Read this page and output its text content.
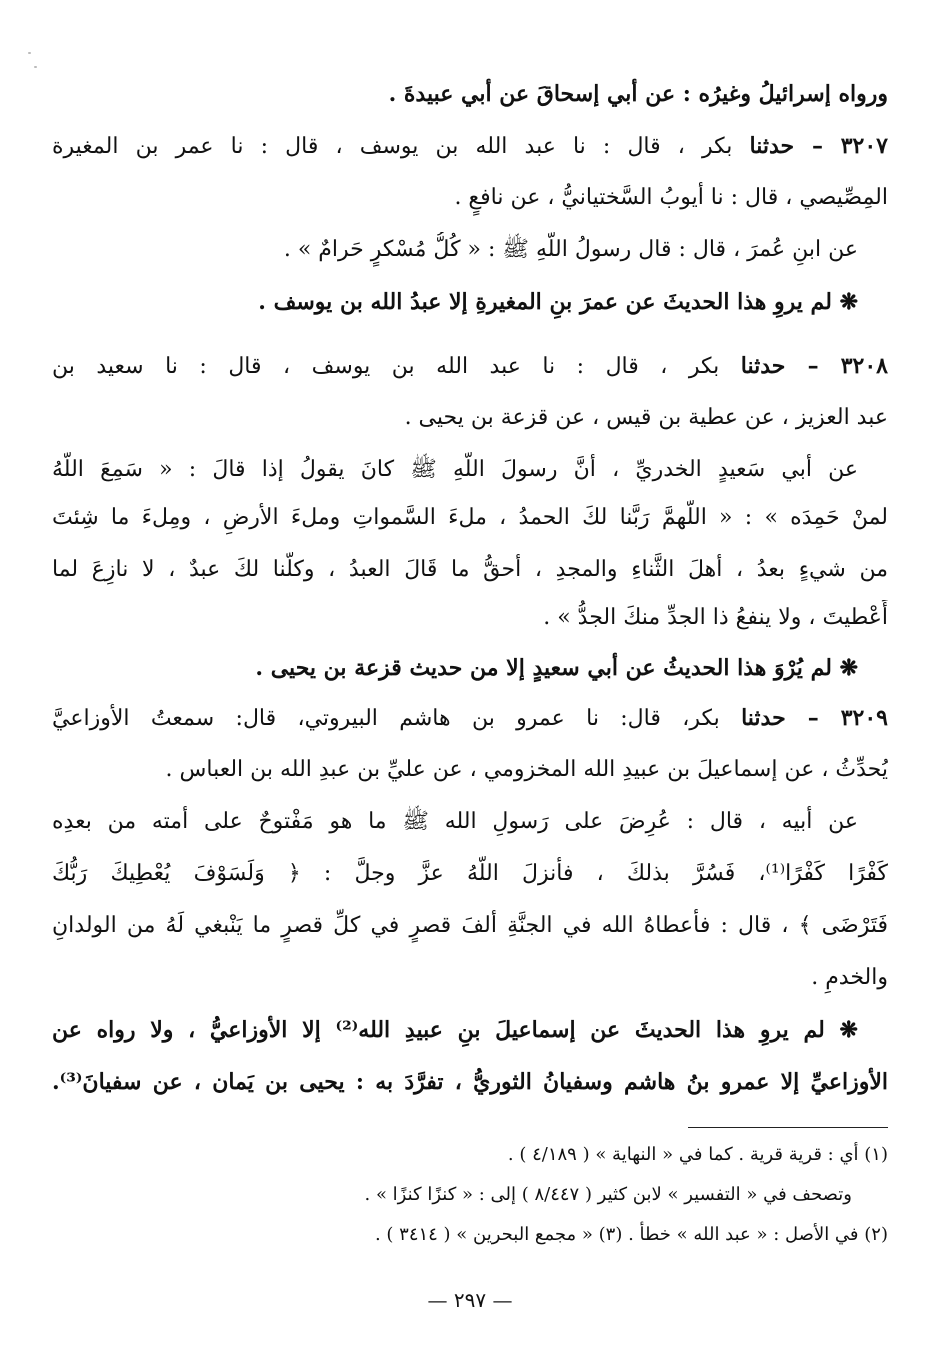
ورواه إسرائيلُ وغيرُه : عن أبي إسحاقَ عن أبي عبيدةَ .
٣٢٠٧ – حدثنا بكر ، قال : نا عبد الله بن يوسف ، قال : نا عمر بن المغيرة
المِصِّيصي ، قال : نا أيوبُ السَّختيانيُّ ، عن نافعٍ .
عن ابنِ عُمرَ ، قال : قال رسولُ اللَّهِ ﷺ : « كُلُّ مُسْكرٍ حَرامٌ » .
❋ لم يروِ هذا الحديثَ عن عمرَ بنِ المغيرةِ إلا عبدُ الله بن يوسف .
٣٢٠٨ – حدثنا بكر ، قال : نا عبد الله بن يوسف ، قال : نا سعيد بن
عبد العزيز ، عن عطية بن قيس ، عن قزعة بن يحيى .
عن أبي سَعيدٍ الخدريِّ ، أنَّ رسولَ اللَّهِ ﷺ كانَ يقولُ إذا قالَ : « سَمِعَ اللَّهُ
لمنْ حَمِدَه » : « اللَّهمَّ رَبَّنا لكَ الحمدُ ، ملءَ السَّمواتِ وملءَ الأرضِ ، ومِلءَ ما شِئتَ
من شيءٍ بعدُ ، أهلَ الثَّناءِ والمجدِ ، أحقُّ ما قَالَ العبدُ ، وكلُّنا لكَ عبدٌ ، لا نازِعَ لما
أَعْطيتَ ، ولا ينفعُ ذا الجدِّ منكَ الجدُّ » .
❋ لم يُرْوَ هذا الحديثُ عن أبي سعيدٍ إلا من حديث قزعة بن يحيى .
٣٢٠٩ – حدثنا بكر، قال: نا عمرو بن هاشم البيروتي، قال: سمعتُ الأوزاعيَّ
يُحدِّثُ ، عن إسماعيلَ بن عبيدِ الله المخزومي ، عن عليِّ بن عبدِ الله بن العباس .
عن أبيه ، قال : عُرِضَ على رَسولِ الله ﷺ ما هو مَفْتوحٌ على أمته من بعدِه
كَفْرًا كَفْرًا⁽¹⁾، فَسُرَّ بذلكَ ، فأنزلَ اللَّهُ عزَّ وجلَّ : ﴿ وَلَسَوْفَ يُعْطِيكَ رَبُّكَ
فَتَرْضَى ﴾ ، قال : فأعطاهُ الله في الجنَّةِ ألفَ قصرٍ في كلِّ قصرٍ ما يَنْبغي لَهُ من الولدانِ
والخدمِ .
❋ لم يروِ هذا الحديثَ عن إسماعيلَ بنِ عبيدِ الله⁽²⁾ إلا الأوزاعيُّ ، ولا رواه عن
الأوزاعيِّ إلا عمرو بنُ هاشم وسفيانُ الثوريُّ ، تفرَّدَ به : يحيى بن يَمان ، عن سفيانَ⁽³⁾.
(١) أي : قرية قرية . كما في « النهاية » ( ٤/١٨٩ ) .
وتصحف في « التفسير » لابن كثير ( ٨/٤٤٧ ) إلى : « كنزًا كنزًا » .
(٢) في الأصل : « عبد الله » خطأ . (٣) « مجمع البحرين » ( ٣٤١٤ ) .
— ٢٩٧ —
